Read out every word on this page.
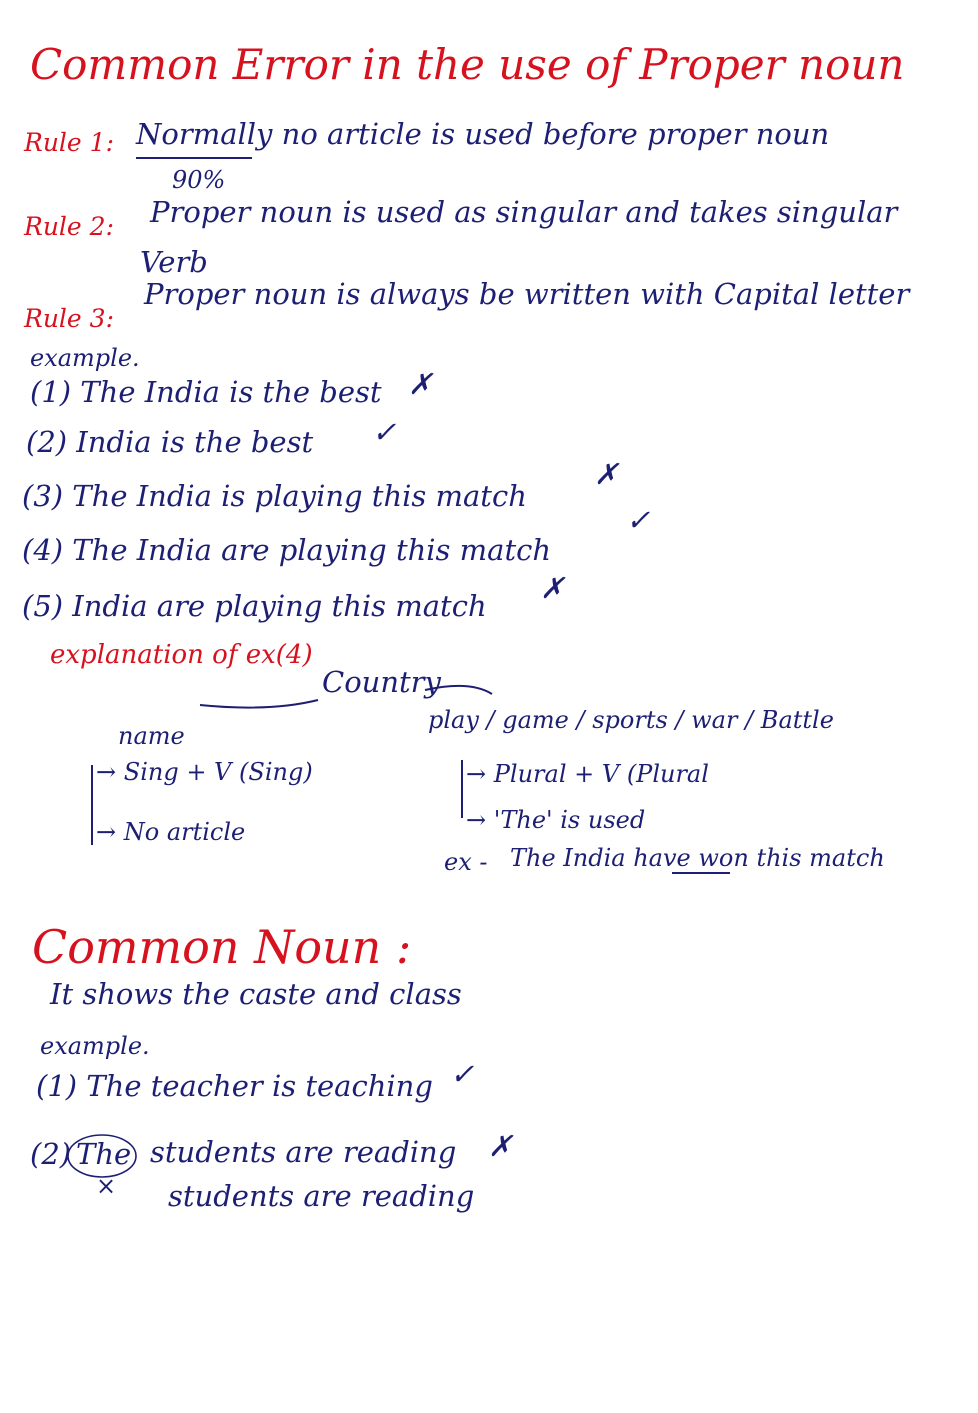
Common Error in the use of Proper noun
Rule 1: Normally no article is used before proper noun
90%
Rule 2: Proper noun is used as singular and takes singular
Verb
Rule 3:
Proper noun is always be written with Capital letter
example.
(1) The India is the best ✗
(2) India is the best ✓
(3) The India is playing this match
✗
(4) The India are playing this match
✓
(5) India are playing this match
✗
explanation of ex(4)
Country
name
→ Sing + V (Sing)
→ No article
play / game / sports / war / Battle
→ Plural + V (Plural
→ 'The' is used
ex - The India have won this match
Common Noun :
It shows the caste and class
example.
(1) The teacher is teaching ✓
(2) The students are reading ✗
× students are reading
